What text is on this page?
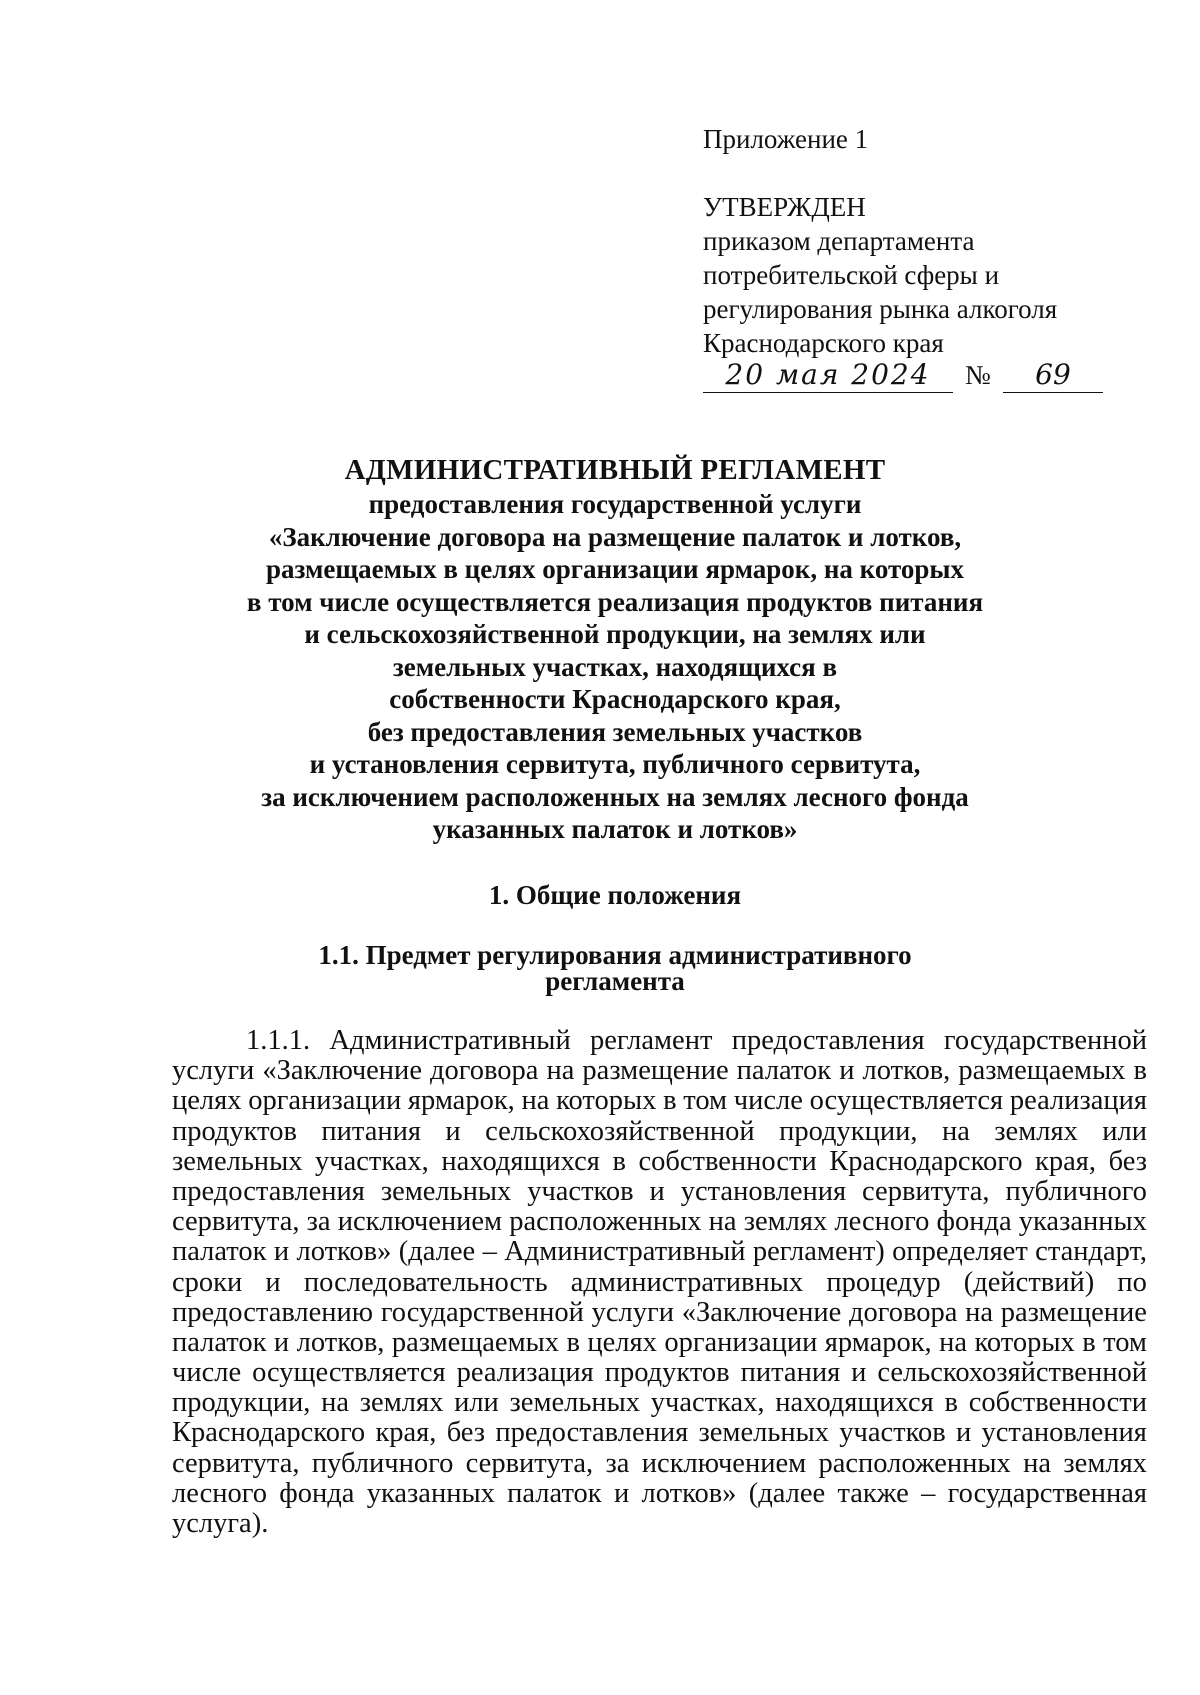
Приложение 1
УТВЕРЖДЕН
приказом департамента
потребительской сферы и
регулирования рынка алкоголя
Краснодарского края
20 мая 2024	№	69
АДМИНИСТРАТИВНЫЙ РЕГЛАМЕНТ
предоставления государственной услуги
«Заключение договора на размещение палаток и лотков,
размещаемых в целях организации ярмарок, на которых
в том числе осуществляется реализация продуктов питания
и сельскохозяйственной продукции, на землях или
земельных участках, находящихся в
собственности Краснодарского края,
без предоставления земельных участков
и установления сервитута, публичного сервитута,
за исключением расположенных на землях лесного фонда
указанных палаток и лотков»
1. Общие положения
1.1. Предмет регулирования административного
регламента
1.1.1. Административный регламент предоставления государственной
услуги «Заключение договора на размещение палаток и лотков, размещаемых в
целях организации ярмарок, на которых в том числе осуществляется реализация
продуктов питания и сельскохозяйственной продукции, на землях или
земельных участках, находящихся в собственности Краснодарского края, без
предоставления земельных участков и установления сервитута, публичного
сервитута, за исключением расположенных на землях лесного фонда указанных
палаток и лотков» (далее – Административный регламент) определяет стандарт,
сроки и последовательность административных процедур (действий) по
предоставлению государственной услуги «Заключение договора на размещение
палаток и лотков, размещаемых в целях организации ярмарок, на которых в том
числе осуществляется реализация продуктов питания и сельскохозяйственной
продукции, на землях или земельных участках, находящихся в собственности
Краснодарского края, без предоставления земельных участков и установления
сервитута, публичного сервитута, за исключением расположенных на землях
лесного фонда указанных палаток и лотков» (далее также – государственная
услуга).
